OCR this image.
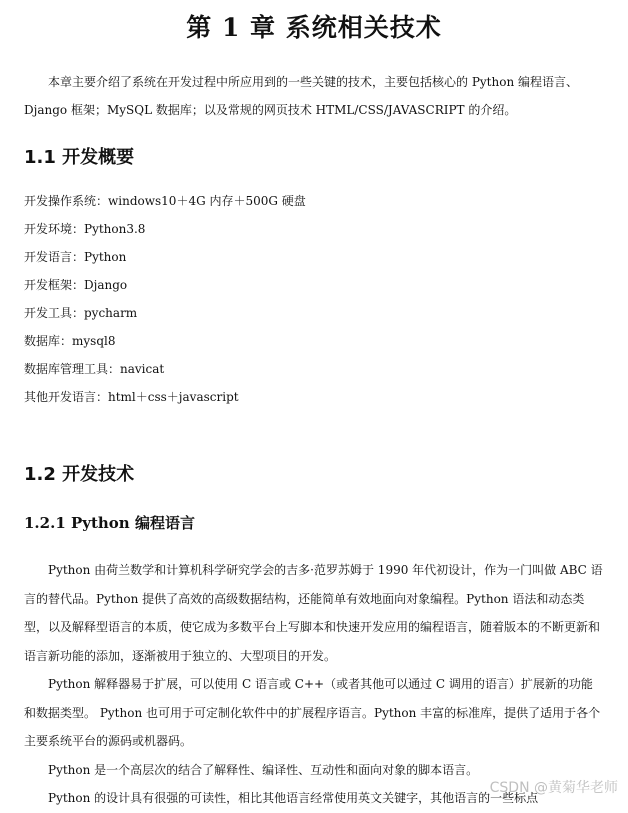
第 1 章 系统相关技术
本章主要介绍了系统在开发过程中所应用到的一些关键的技术，主要包括核心的 Python 编程语言、Django 框架；MySQL 数据库；以及常规的网页技术 HTML/CSS/JAVASCRIPT 的介绍。
1.1 开发概要
开发操作系统：windows10＋4G 内存＋500G 硬盘
开发环境：Python3.8
开发语言：Python
开发框架：Django
开发工具：pycharm
数据库：mysql8
数据库管理工具：navicat
其他开发语言：html＋css＋javascript
1.2 开发技术
1.2.1 Python 编程语言

Python 由荷兰数学和计算机科学研究学会的吉多·范罗苏姆于 1990 年代初设计，作为一门叫做 ABC 语言的替代品。Python 提供了高效的高级数据结构，还能简单有效地面向对象编程。Python 语法和动态类型，以及解释型语言的本质，使它成为多数平台上写脚本和快速开发应用的编程语言，随着版本的不断更新和语言新功能的添加，逐渐被用于独立的、大型项目的开发。

Python 解释器易于扩展，可以使用 C 语言或 C++（或者其他可以通过 C 调用的语言）扩展新的功能和数据类型。 Python 也可用于可定制化软件中的扩展程序语言。Python 丰富的标准库，提供了适用于各个主要系统平台的源码或机器码。

Python 是一个高层次的结合了解释性、编译性、互动性和面向对象的脚本语言。

Python 的设计具有很强的可读性，相比其他语言经常使用英文关键字，其他语言的一些标点

CSDN @黄菊华老师
